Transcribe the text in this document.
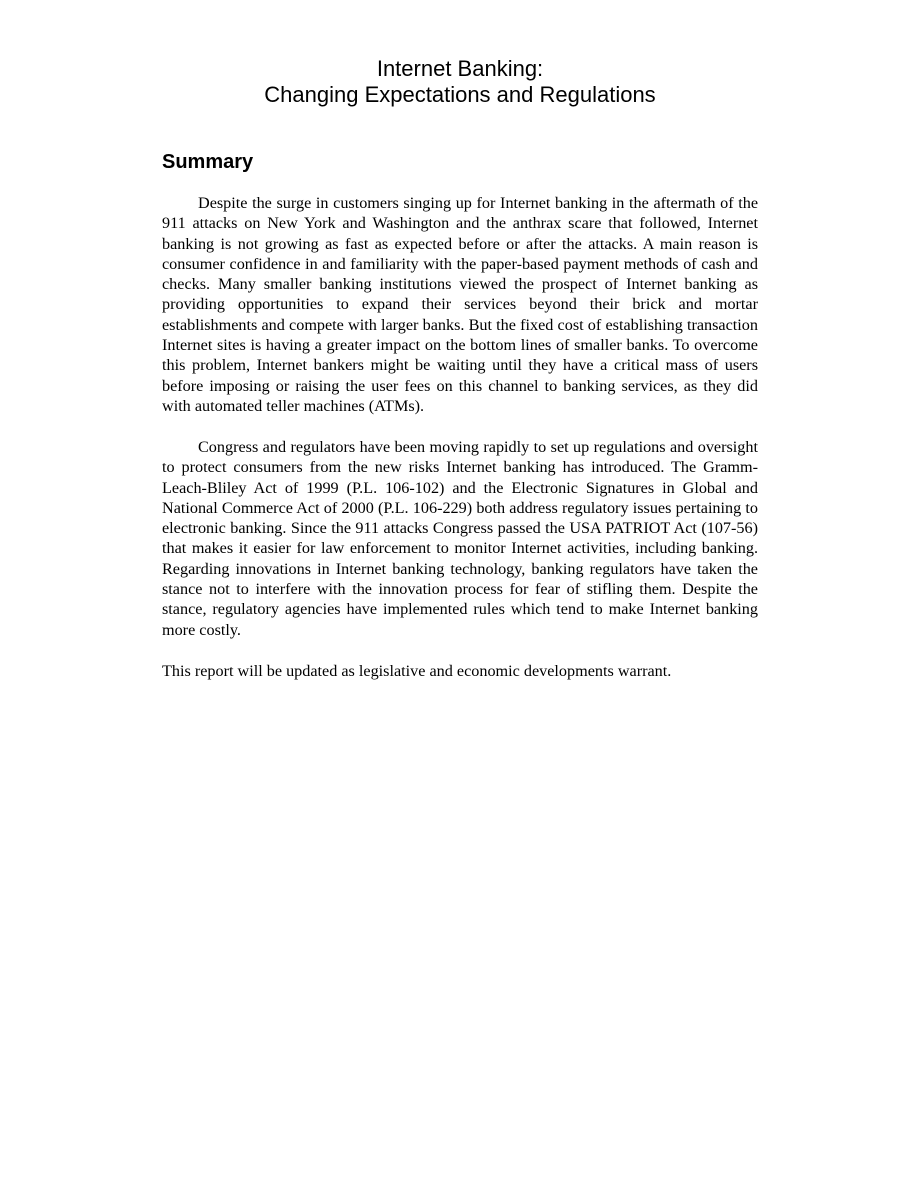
Internet Banking:
Changing Expectations and Regulations
Summary

Despite the surge in customers singing up for Internet banking in the aftermath of the 911 attacks on New York and Washington and the anthrax scare that followed, Internet banking is not growing as fast as expected before or after the attacks. A main reason is consumer confidence in and familiarity with the paper-based payment methods of cash and checks. Many smaller banking institutions viewed the prospect of Internet banking as providing opportunities to expand their services beyond their brick and mortar establishments and compete with larger banks. But the fixed cost of establishing transaction Internet sites is having a greater impact on the bottom lines of smaller banks. To overcome this problem, Internet bankers might be waiting until they have a critical mass of users before imposing or raising the user fees on this channel to banking services, as they did with automated teller machines (ATMs).

Congress and regulators have been moving rapidly to set up regulations and oversight to protect consumers from the new risks Internet banking has introduced. The Gramm-Leach-Bliley Act of 1999 (P.L. 106-102) and the Electronic Signatures in Global and National Commerce Act of 2000 (P.L. 106-229) both address regulatory issues pertaining to electronic banking. Since the 911 attacks Congress passed the USA PATRIOT Act (107-56) that makes it easier for law enforcement to monitor Internet activities, including banking. Regarding innovations in Internet banking technology, banking regulators have taken the stance not to interfere with the innovation process for fear of stifling them. Despite the stance, regulatory agencies have implemented rules which tend to make Internet banking more costly.

This report will be updated as legislative and economic developments warrant.
